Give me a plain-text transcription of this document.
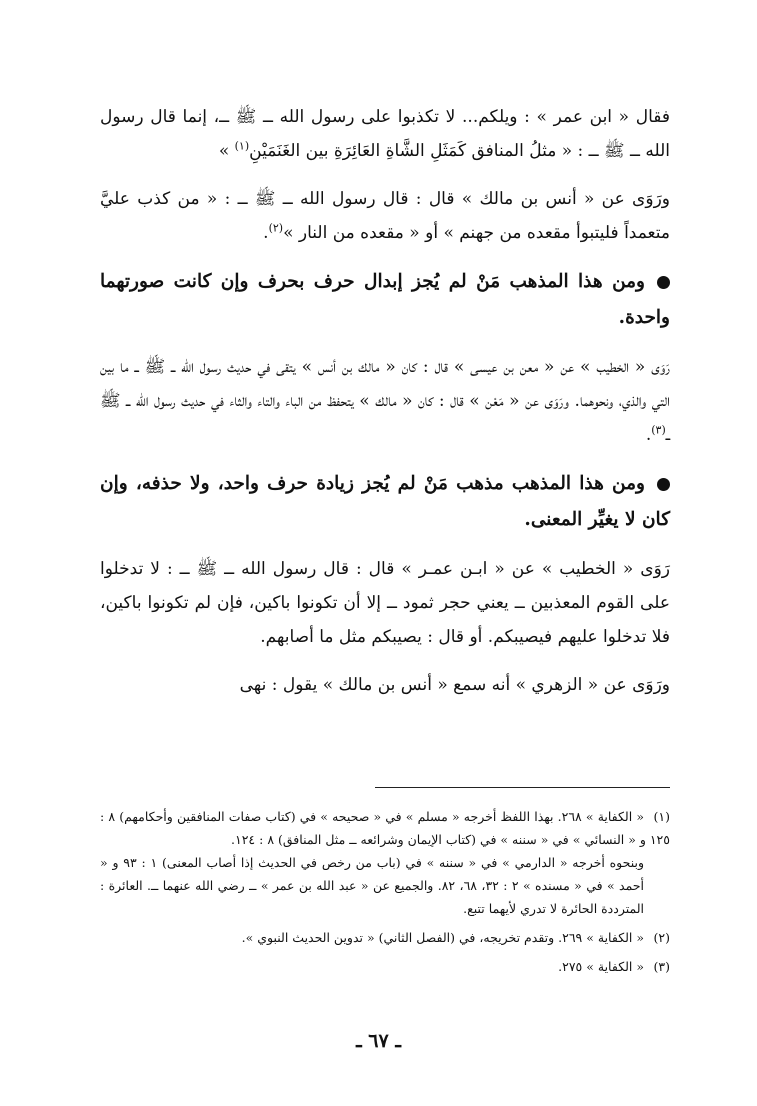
فقال « ابن عمر » : ويلكم... لا تكذبوا على رسول الله ــ ﷺ ــ، إنما قال رسول الله ــ ﷺ ــ : « مثلُ المنافق كَمَثَلِ الشَّاةِ العَائِرَةِ بين الغَنَمَيْنِ$^{(١)}$ »

ورَوَى عن « أنس بن مالك » قال : قال رسول الله ــ ﷺ ــ : « من كذب عليَّ متعمداً فليتبوأ مقعده من جهنم » أو « مقعده من النار »$^{(٢)}$.

ومن هذا المذهب مَنْ لم يُجز إبدال حرف بحرف وإن كانت صورتهما واحدة.

رَوَى « الخطيب » عن « معن بن عيسى » قال : كان « مالك بن أنس » يتقى في حديث رسول الله ــ ﷺ ــ ما بين التي والذي، ونحوهما. ورَوَى عن « مَعْن » قال : كان « مالك » يتحفظ من الباء والتاء والثاء في حديث رسول الله ــ ﷺ ــ$^{(٣)}$.

ومن هذا المذهب مذهب مَنْ لم يُجز زيادة حرف واحد، ولا حذفه، وإن كان لا يغيِّر المعنى.

رَوَى « الخطيب » عن « ابـن عمـر » قال : قال رسول الله ــ ﷺ ــ : لا تدخلوا على القوم المعذبين ــ يعني حجر ثمود ــ إلا أن تكونوا باكين، فإن لم تكونوا باكين، فلا تدخلوا عليهم فيصيبكم. أو قال : يصيبكم مثل ما أصابهم.

ورَوَى عن « الزهري » أنه سمع « أنس بن مالك » يقول : نهى

(١)« الكفاية » ٢٦٨. بهذا اللفظ أخرجه « مسلم » في « صحيحه » في (كتاب صفات المنافقين وأحكامهم) ٨ : ١٢٥ و « النسائي » في « سننه » في (كتاب الإيمان وشرائعه ــ مثل المنافق) ٨ : ١٢٤.
وبنحوه أخرجه « الدارمي » في « سننه » في (باب من رخص في الحديث إذا أصاب المعنى) ١ : ٩٣ و « أحمد » في « مسنده » ٢ : ٣٢، ٦٨، ٨٢. والجميع عن « عبد الله بن عمر » ــ رضي الله عنهما ــ. العائرة : المترددة الحائرة لا تدري لأيهما تتبع.
(٢)« الكفاية » ٢٦٩. وتقدم تخريجه، في (الفصل الثاني) « تدوين الحديث النبوي ».
(٣)« الكفاية » ٢٧٥.
ـ ٦٧ ـ
